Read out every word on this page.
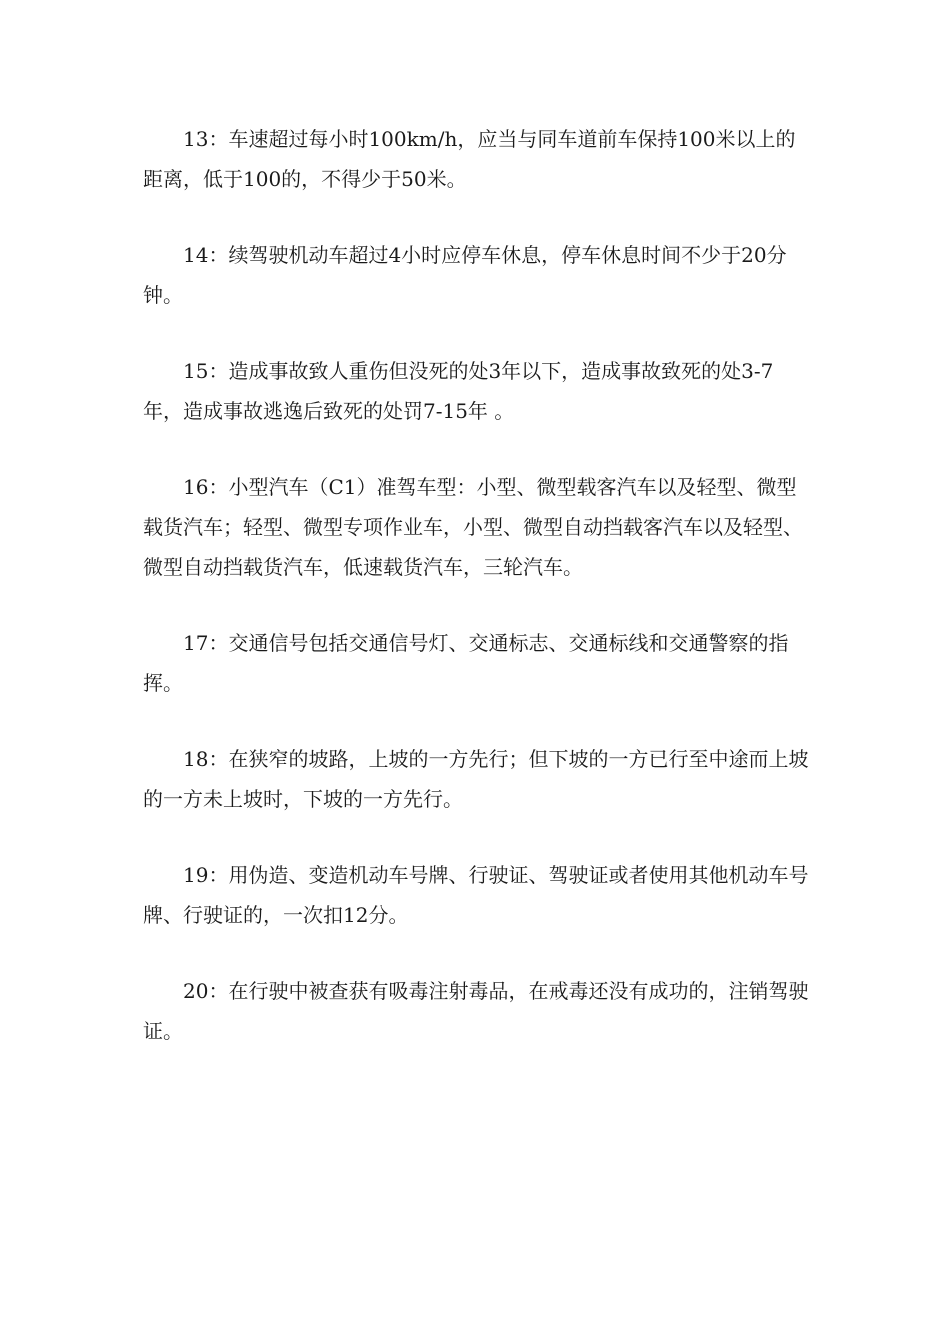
13：车速超过每小时100km/h，应当与同车道前车保持100米以上的距离，低于100的，不得少于50米。

14：续驾驶机动车超过4小时应停车休息，停车休息时间不少于20分钟。

15：造成事故致人重伤但没死的处3年以下，造成事故致死的处3-7年，造成事故逃逸后致死的处罚7-15年 。

16：小型汽车（C1）准驾车型：小型、微型载客汽车以及轻型、微型载货汽车；轻型、微型专项作业车，小型、微型自动挡载客汽车以及轻型、微型自动挡载货汽车，低速载货汽车，三轮汽车。

17：交通信号包括交通信号灯、交通标志、交通标线和交通警察的指挥。

18：在狭窄的坡路，上坡的一方先行；但下坡的一方已行至中途而上坡的一方未上坡时，下坡的一方先行。

19：用伪造、变造机动车号牌、行驶证、驾驶证或者使用其他机动车号牌、行驶证的，一次扣12分。

20：在行驶中被查获有吸毒注射毒品，在戒毒还没有成功的，注销驾驶证。
